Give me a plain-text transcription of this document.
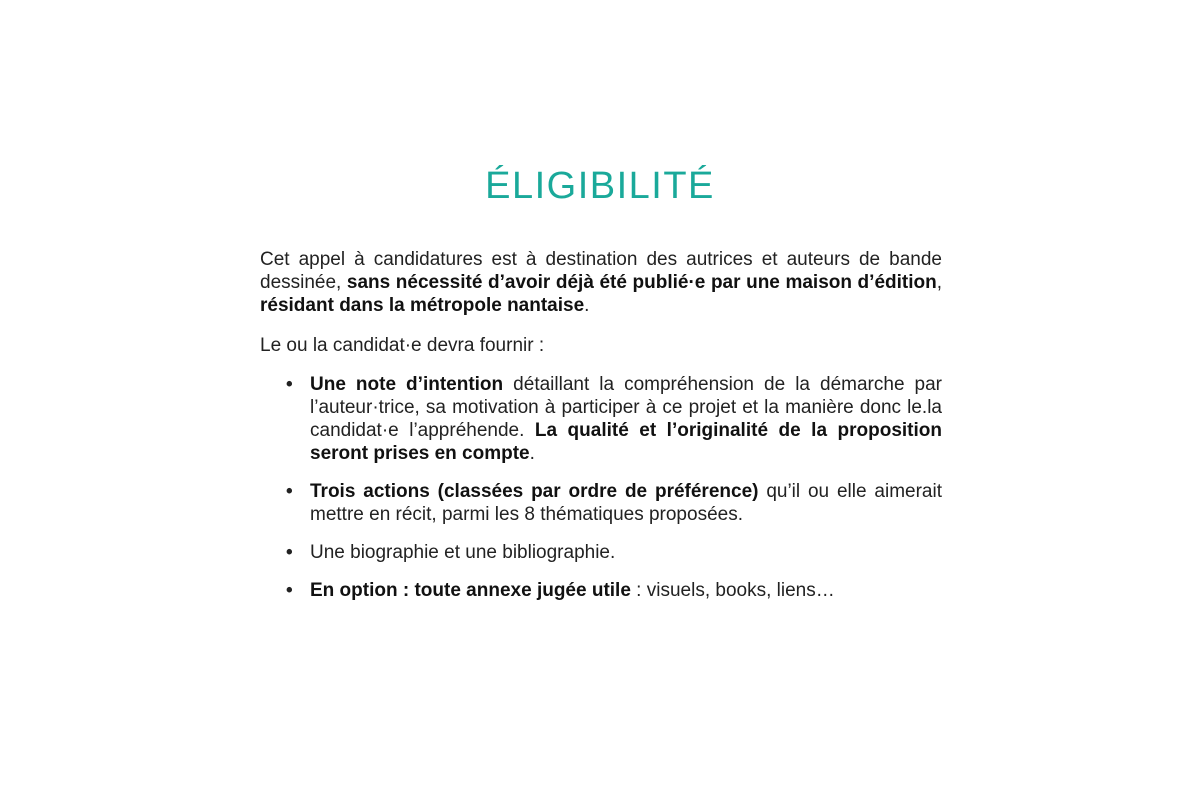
ÉLIGIBILITÉ

Cet appel à candidatures est à destination des autrices et auteurs de bande dessinée, sans nécessité d’avoir déjà été publié·e par une maison d’édition, résidant dans la métropole nantaise.

Le ou la candidat·e devra fournir :

• Une note d’intention détaillant la compréhension de la démarche par l’auteur·trice, sa motivation à participer à ce projet et la manière donc le.la candidat·e l’appréhende. La qualité et l’originalité de la proposition seront prises en compte.
• Trois actions (classées par ordre de préférence) qu’il ou elle aimerait mettre en récit, parmi les 8 thématiques proposées.
• Une biographie et une bibliographie.
• En option : toute annexe jugée utile : visuels, books, liens…
